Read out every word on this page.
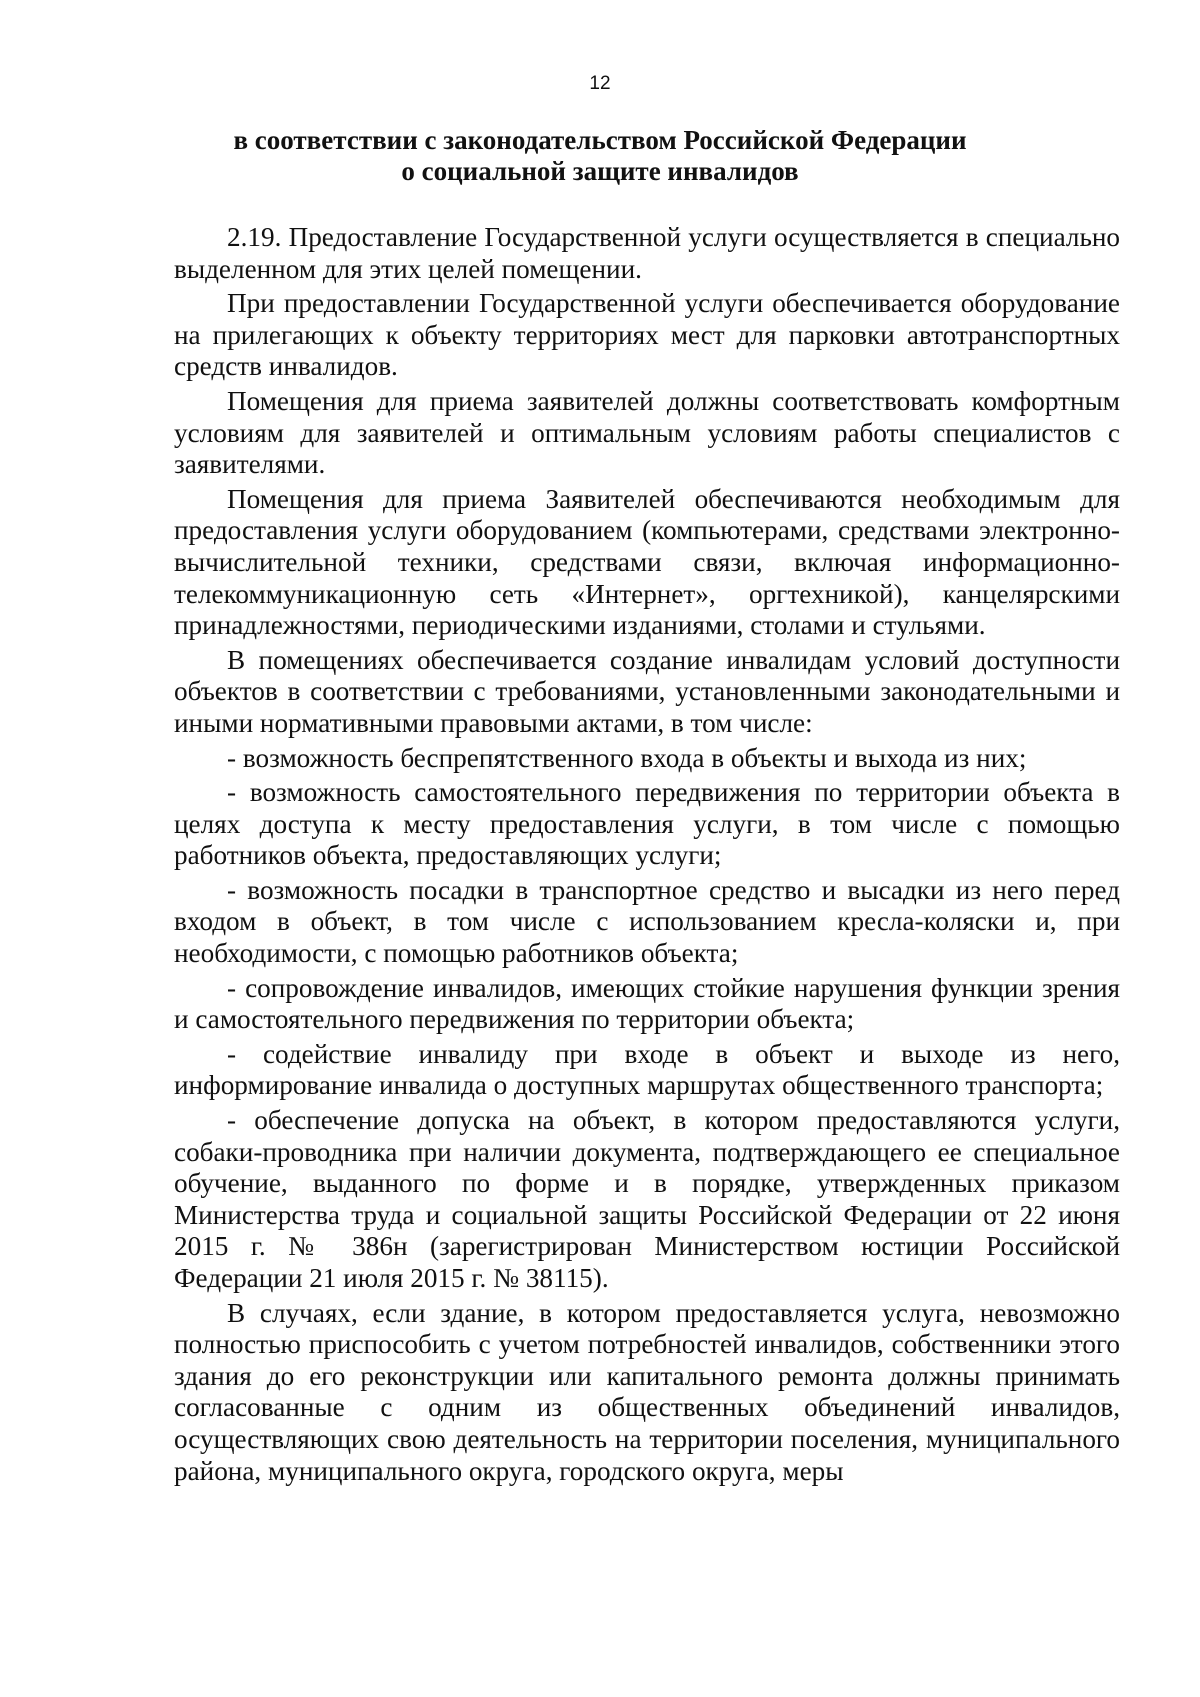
12
в соответствии с законодательством Российской Федерации
о социальной защите инвалидов

2.19. Предоставление Государственной услуги осуществляется в специально выделенном для этих целей помещении.

При предоставлении Государственной услуги обеспечивается оборудование на прилегающих к объекту территориях мест для парковки автотранспортных средств инвалидов.

Помещения для приема заявителей должны соответствовать комфортным условиям для заявителей и оптимальным условиям работы специалистов с заявителями.

Помещения для приема Заявителей обеспечиваются необходимым для предоставления услуги оборудованием (компьютерами, средствами электронно-вычислительной техники, средствами связи, включая информационно-телекоммуникационную сеть «Интернет», оргтехникой), канцелярскими принадлежностями, периодическими изданиями, столами и стульями.

В помещениях обеспечивается создание инвалидам условий доступности объектов в соответствии с требованиями, установленными законодательными и иными нормативными правовыми актами, в том числе:

- возможность беспрепятственного входа в объекты и выхода из них;

- возможность самостоятельного передвижения по территории объекта в целях доступа к месту предоставления услуги, в том числе с помощью работников объекта, предоставляющих услуги;

- возможность посадки в транспортное средство и высадки из него перед входом в объект, в том числе с использованием кресла-коляски и, при необходимости, с помощью работников объекта;

- сопровождение инвалидов, имеющих стойкие нарушения функции зрения и самостоятельного передвижения по территории объекта;

- содействие инвалиду при входе в объект и выходе из него, информирование инвалида о доступных маршрутах общественного транспорта;

- обеспечение допуска на объект, в котором предоставляются услуги, собаки-проводника при наличии документа, подтверждающего ее специальное обучение, выданного по форме и в порядке, утвержденных приказом Министерства труда и социальной защиты Российской Федерации от 22 июня 2015 г. № 386н (зарегистрирован Министерством юстиции Российской Федерации 21 июля 2015 г. № 38115).

В случаях, если здание, в котором предоставляется услуга, невозможно полностью приспособить с учетом потребностей инвалидов, собственники этого здания до его реконструкции или капитального ремонта должны принимать согласованные с одним из общественных объединений инвалидов, осуществляющих свою деятельность на территории поселения, муниципального района, муниципального округа, городского округа, меры
